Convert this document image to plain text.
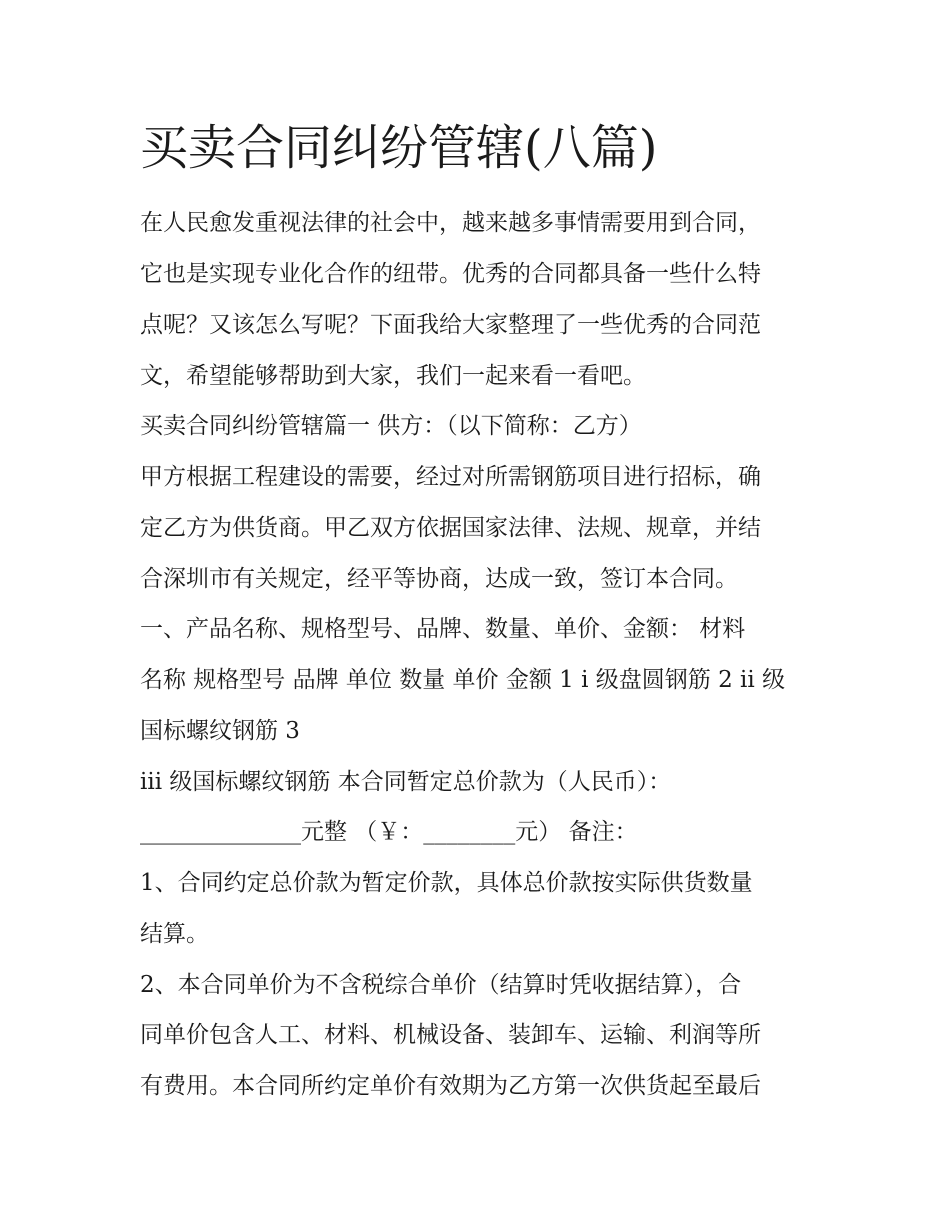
买卖合同纠纷管辖(八篇)

在人民愈发重视法律的社会中，越来越多事情需要用到合同，

它也是实现专业化合作的纽带。优秀的合同都具备一些什么特

点呢？又该怎么写呢？下面我给大家整理了一些优秀的合同范

文，希望能够帮助到大家，我们一起来看一看吧。

买卖合同纠纷管辖篇一 供方：（以下简称：乙方）

甲方根据工程建设的需要，经过对所需钢筋项目进行招标，确

定乙方为供货商。甲乙双方依据国家法律、法规、规章，并结

合深圳市有关规定，经平等协商，达成一致，签订本合同。

一、产品名称、规格型号、品牌、数量、单价、金额： 材料

名称 规格型号 品牌 单位 数量 单价 金额 1 i 级盘圆钢筋 2 ii 级

国标螺纹钢筋 3

iii 级国标螺纹钢筋 本合同暂定总价款为（人民币）：

______________元整 （￥：________元） 备注：

1、合同约定总价款为暂定价款，具体总价款按实际供货数量

结算。

2、本合同单价为不含税综合单价（结算时凭收据结算），合

同单价包含人工、材料、机械设备、装卸车、运输、利润等所

有费用。本合同所约定单价有效期为乙方第一次供货起至最后
